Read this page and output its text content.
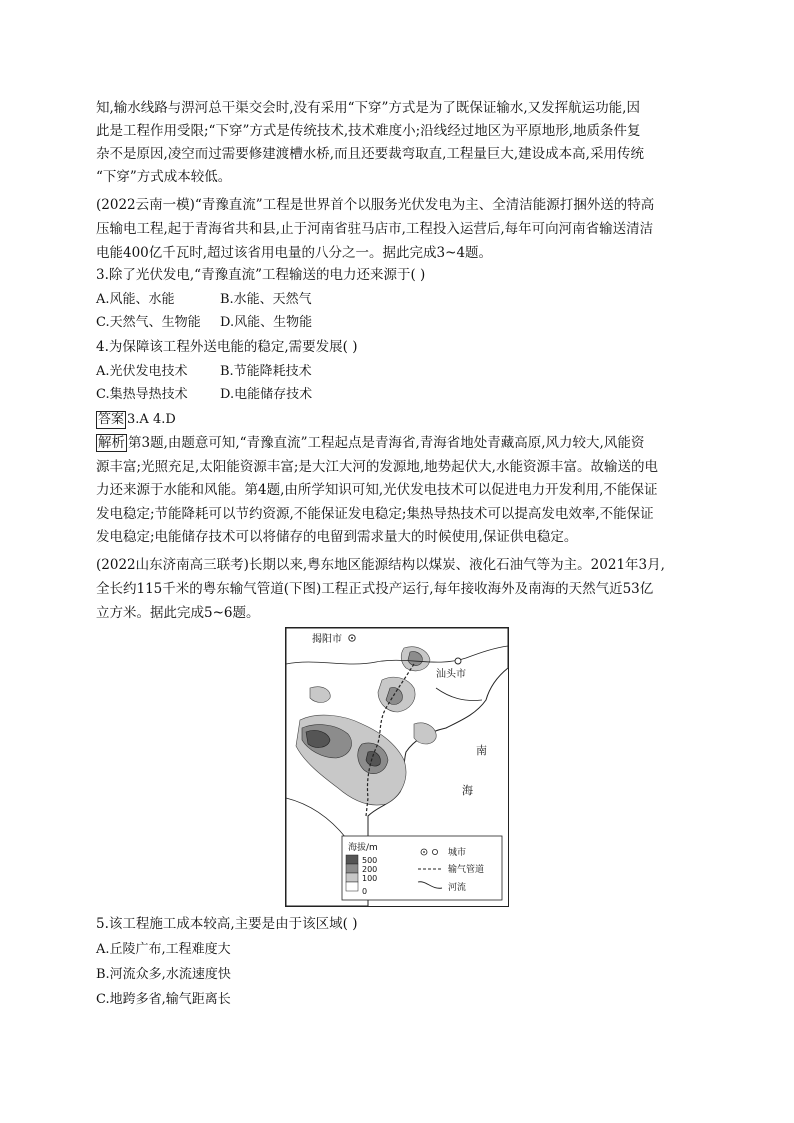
知,输水线路与淠河总干渠交会时,没有采用“下穿”方式是为了既保证输水,又发挥航运功能,因
此是工程作用受限;“下穿”方式是传统技术,技术难度小;沿线经过地区为平原地形,地质条件复
杂不是原因,凌空而过需要修建渡槽水桥,而且还要裁弯取直,工程量巨大,建设成本高,采用传统
“下穿”方式成本较低。
(2022云南一模)“青豫直流”工程是世界首个以服务光伏发电为主、全清洁能源打捆外送的特高
压输电工程,起于青海省共和县,止于河南省驻马店市,工程投入运营后,每年可向河南省输送清洁
电能400亿千瓦时,超过该省用电量的八分之一。据此完成3~4题。
3.除了光伏发电,“青豫直流”工程输送的电力还来源于( )
A.风能、水能	B.水能、天然气
C.天然气、生物能 D.风能、生物能
4.为保障该工程外送电能的稳定,需要发展( )
A.光伏发电技术 B.节能降耗技术
C.集热导热技术 D.电能储存技术
答案 3.A 4.D
解析 第3题,由题意可知,“青豫直流”工程起点是青海省,青海省地处青藏高原,风力较大,风能资
源丰富;光照充足,太阳能资源丰富;是大江大河的发源地,地势起伏大,水能资源丰富。故输送的电
力还来源于水能和风能。第4题,由所学知识可知,光伏发电技术可以促进电力开发利用,不能保证
发电稳定;节能降耗可以节约资源,不能保证发电稳定;集热导热技术可以提高发电效率,不能保证
发电稳定;电能储存技术可以将储存的电留到需求量大的时候使用,保证供电稳定。
(2022山东济南高三联考)长期以来,粤东地区能源结构以煤炭、液化石油气等为主。2021年3月,
全长约115千米的粤东输气管道(下图)工程正式投产运行,每年接收海外及南海的天然气近53亿
立方米。据此完成5~6题。
揭阳市
汕头市
南
海
海拔/m
500
200
100
0
城市
输气管道
河流
5.该工程施工成本较高,主要是由于该区域( )
A.丘陵广布,工程难度大
B.河流众多,水流速度快
C.地跨多省,输气距离长
